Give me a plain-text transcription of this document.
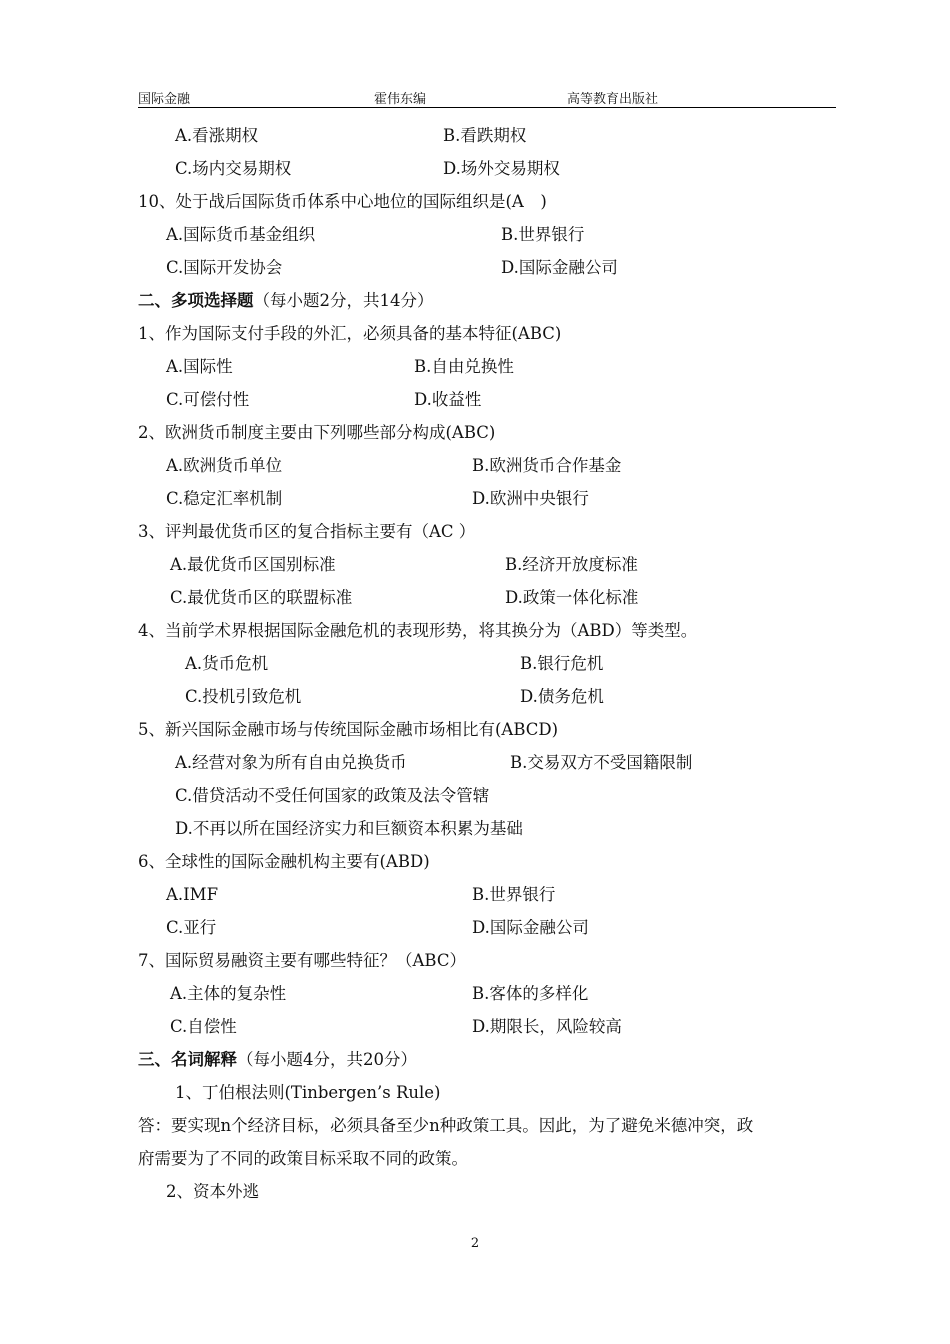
国际金融	霍伟东编	高等教育出版社
A.看涨期权	B.看跌期权
C.场内交易期权	D.场外交易期权
10、处于战后国际货币体系中心地位的国际组织是(A　)
A.国际货币基金组织	B.世界银行
C.国际开发协会	D.国际金融公司
二、多项选择题（每小题2分，共14分）
1、作为国际支付手段的外汇，必须具备的基本特征(ABC)
A.国际性	B.自由兑换性
C.可偿付性	D.收益性
2、欧洲货币制度主要由下列哪些部分构成(ABC)
A.欧洲货币单位	B.欧洲货币合作基金
C.稳定汇率机制	D.欧洲中央银行
3、评判最优货币区的复合指标主要有（AC ）
A.最优货币区国别标准	B.经济开放度标准
C.最优货币区的联盟标准	D.政策一体化标准
4、当前学术界根据国际金融危机的表现形势，将其换分为（ABD）等类型。
A.货币危机	B.银行危机
C.投机引致危机	D.债务危机
5、新兴国际金融市场与传统国际金融市场相比有(ABCD)
A.经营对象为所有自由兑换货币	B.交易双方不受国籍限制
C.借贷活动不受任何国家的政策及法令管辖
D.不再以所在国经济实力和巨额资本积累为基础
6、全球性的国际金融机构主要有(ABD)
A.IMF	B.世界银行
C.亚行	D.国际金融公司
7、国际贸易融资主要有哪些特征？（ABC）
A.主体的复杂性	B.客体的多样化
C.自偿性	D.期限长，风险较高
三、名词解释（每小题4分，共20分）
1、丁伯根法则(Tinbergen’s Rule)
答：要实现n个经济目标，必须具备至少n种政策工具。因此，为了避免米德冲突，政
府需要为了不同的政策目标采取不同的政策。
2、资本外逃
2
